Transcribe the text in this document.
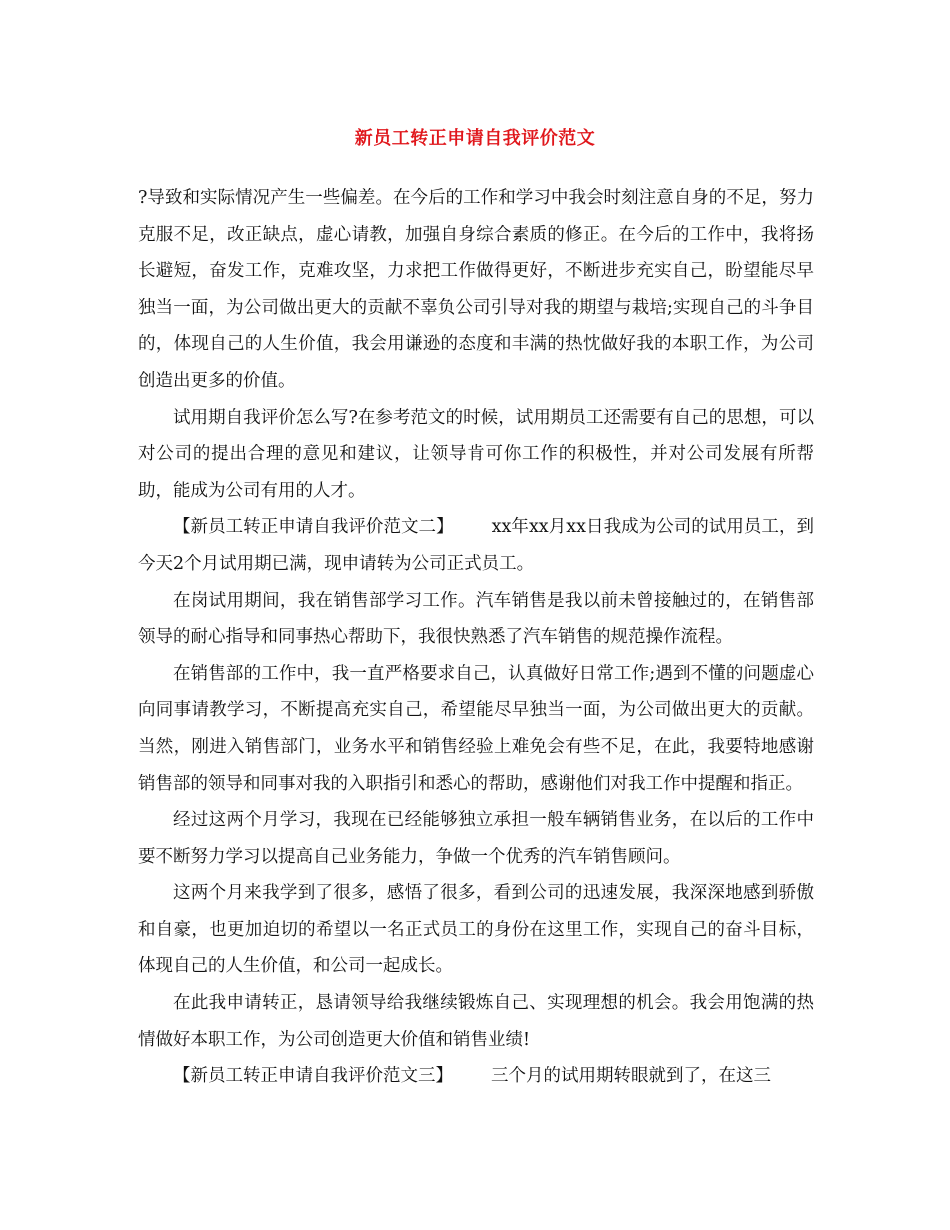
新员工转正申请自我评价范文

?导致和实际情况产生一些偏差。在今后的工作和学习中我会时刻注意自身的不足，努力克服不足，改正缺点，虚心请教，加强自身综合素质的修正。在今后的工作中，我将扬长避短，奋发工作，克难攻坚，力求把工作做得更好，不断进步充实自己，盼望能尽早独当一面，为公司做出更大的贡献不辜负公司引导对我的期望与栽培;实现自己的斗争目的，体现自己的人生价值，我会用谦逊的态度和丰满的热忱做好我的本职工作，为公司创造出更多的价值。

试用期自我评价怎么写?在参考范文的时候，试用期员工还需要有自己的思想，可以对公司的提出合理的意见和建议，让领导肯可你工作的积极性，并对公司发展有所帮助，能成为公司有用的人才。

【新员工转正申请自我评价范文二】 xx年xx月xx日我成为公司的试用员工，到今天2个月试用期已满，现申请转为公司正式员工。

在岗试用期间，我在销售部学习工作。汽车销售是我以前未曾接触过的，在销售部领导的耐心指导和同事热心帮助下，我很快熟悉了汽车销售的规范操作流程。

在销售部的工作中，我一直严格要求自己，认真做好日常工作;遇到不懂的问题虚心向同事请教学习，不断提高充实自己，希望能尽早独当一面，为公司做出更大的贡献。当然，刚进入销售部门，业务水平和销售经验上难免会有些不足，在此，我要特地感谢销售部的领导和同事对我的入职指引和悉心的帮助，感谢他们对我工作中提醒和指正。

经过这两个月学习，我现在已经能够独立承担一般车辆销售业务，在以后的工作中要不断努力学习以提高自己业务能力，争做一个优秀的汽车销售顾问。

这两个月来我学到了很多，感悟了很多，看到公司的迅速发展，我深深地感到骄傲和自豪，也更加迫切的希望以一名正式员工的身份在这里工作，实现自己的奋斗目标，体现自己的人生价值，和公司一起成长。

在此我申请转正，恳请领导给我继续锻炼自己、实现理想的机会。我会用饱满的热情做好本职工作，为公司创造更大价值和销售业绩!

【新员工转正申请自我评价范文三】 三个月的试用期转眼就到了，在这三
